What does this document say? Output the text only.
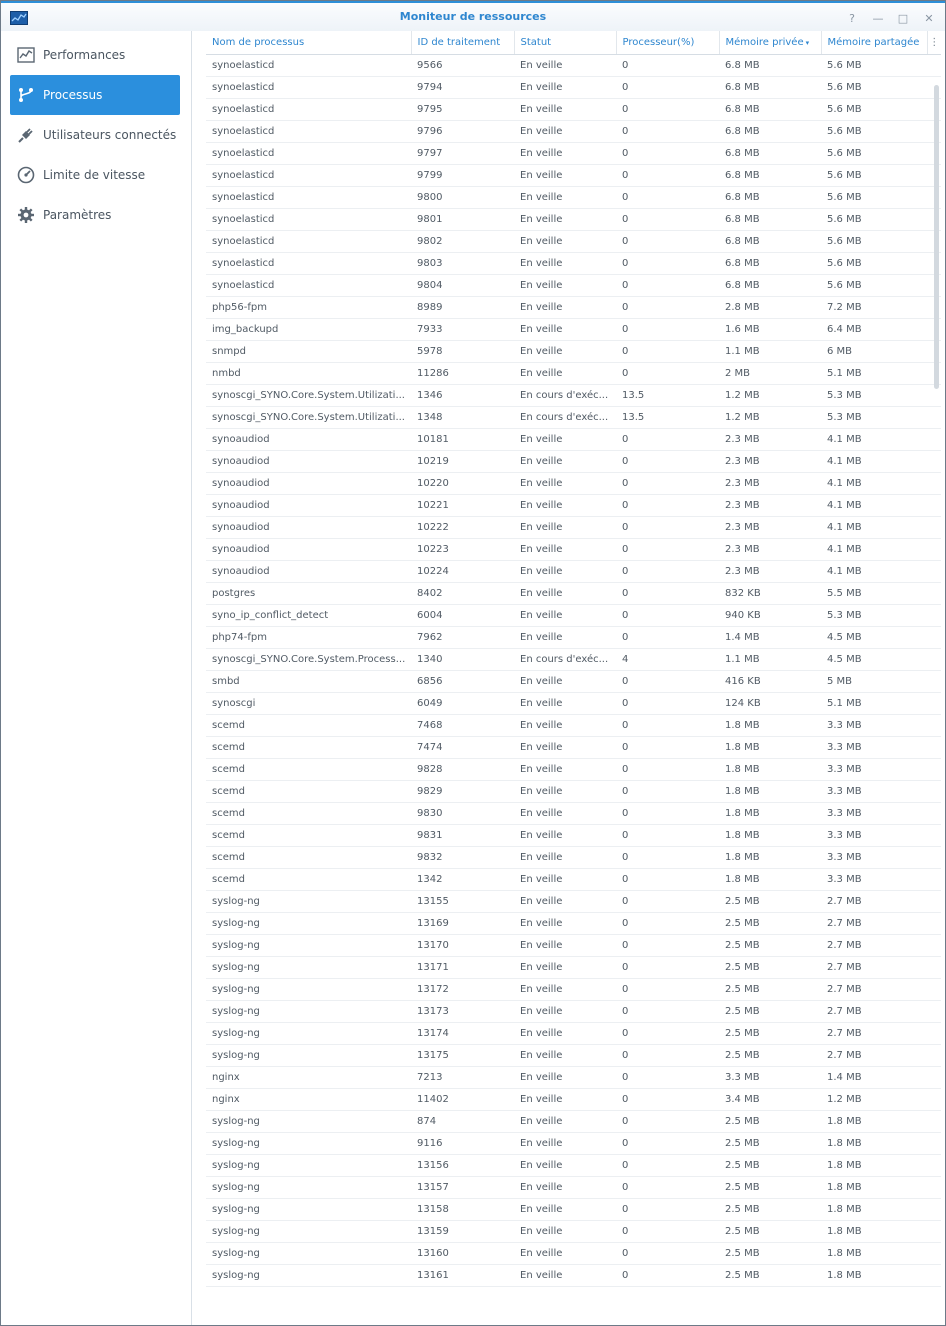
Moniteur de ressources	?	— □	✕
Performances
Processus
Utilisateurs connectés
Limite de vitesse
Paramètres
Nom de processus	ID de traitement	Statut	Processeur(%)	Mémoire privée ▾	Mémoire partagée	⋮
synoelasticd	9566	En veille	0	6.8 MB	5.6 MB	
synoelasticd	9794	En veille	0	6.8 MB	5.6 MB	
synoelasticd	9795	En veille	0	6.8 MB	5.6 MB	
synoelasticd	9796	En veille	0	6.8 MB	5.6 MB	
synoelasticd	9797	En veille	0	6.8 MB	5.6 MB	
synoelasticd	9799	En veille	0	6.8 MB	5.6 MB	
synoelasticd	9800	En veille	0	6.8 MB	5.6 MB	
synoelasticd	9801	En veille	0	6.8 MB	5.6 MB	
synoelasticd	9802	En veille	0	6.8 MB	5.6 MB	
synoelasticd	9803	En veille	0	6.8 MB	5.6 MB	
synoelasticd	9804	En veille	0	6.8 MB	5.6 MB	
php56-fpm	8989	En veille	0	2.8 MB	7.2 MB	
img_backupd	7933	En veille	0	1.6 MB	6.4 MB	
snmpd	5978	En veille	0	1.1 MB	6 MB	
nmbd	11286	En veille	0	2 MB	5.1 MB	
synoscgi_SYNO.Core.System.Utilizati...	1346	En cours d'exéc...	13.5	1.2 MB	5.3 MB	
synoscgi_SYNO.Core.System.Utilizati...	1348	En cours d'exéc...	13.5	1.2 MB	5.3 MB	
synoaudiod	10181	En veille	0	2.3 MB	4.1 MB	
synoaudiod	10219	En veille	0	2.3 MB	4.1 MB	
synoaudiod	10220	En veille	0	2.3 MB	4.1 MB	
synoaudiod	10221	En veille	0	2.3 MB	4.1 MB	
synoaudiod	10222	En veille	0	2.3 MB	4.1 MB	
synoaudiod	10223	En veille	0	2.3 MB	4.1 MB	
synoaudiod	10224	En veille	0	2.3 MB	4.1 MB	
postgres	8402	En veille	0	832 KB	5.5 MB	
syno_ip_conflict_detect	6004	En veille	0	940 KB	5.3 MB	
php74-fpm	7962	En veille	0	1.4 MB	4.5 MB	
synoscgi_SYNO.Core.System.Process...	1340	En cours d'exéc...	4	1.1 MB	4.5 MB	
smbd	6856	En veille	0	416 KB	5 MB	
synoscgi	6049	En veille	0	124 KB	5.1 MB	
scemd	7468	En veille	0	1.8 MB	3.3 MB	
scemd	7474	En veille	0	1.8 MB	3.3 MB	
scemd	9828	En veille	0	1.8 MB	3.3 MB	
scemd	9829	En veille	0	1.8 MB	3.3 MB	
scemd	9830	En veille	0	1.8 MB	3.3 MB	
scemd	9831	En veille	0	1.8 MB	3.3 MB	
scemd	9832	En veille	0	1.8 MB	3.3 MB	
scemd	1342	En veille	0	1.8 MB	3.3 MB	
syslog-ng	13155	En veille	0	2.5 MB	2.7 MB	
syslog-ng	13169	En veille	0	2.5 MB	2.7 MB	
syslog-ng	13170	En veille	0	2.5 MB	2.7 MB	
syslog-ng	13171	En veille	0	2.5 MB	2.7 MB	
syslog-ng	13172	En veille	0	2.5 MB	2.7 MB	
syslog-ng	13173	En veille	0	2.5 MB	2.7 MB	
syslog-ng	13174	En veille	0	2.5 MB	2.7 MB	
syslog-ng	13175	En veille	0	2.5 MB	2.7 MB	
nginx	7213	En veille	0	3.3 MB	1.4 MB	
nginx	11402	En veille	0	3.4 MB	1.2 MB	
syslog-ng	874	En veille	0	2.5 MB	1.8 MB	
syslog-ng	9116	En veille	0	2.5 MB	1.8 MB	
syslog-ng	13156	En veille	0	2.5 MB	1.8 MB	
syslog-ng	13157	En veille	0	2.5 MB	1.8 MB	
syslog-ng	13158	En veille	0	2.5 MB	1.8 MB	
syslog-ng	13159	En veille	0	2.5 MB	1.8 MB	
syslog-ng	13160	En veille	0	2.5 MB	1.8 MB	
syslog-ng	13161	En veille	0	2.5 MB	1.8 MB	
